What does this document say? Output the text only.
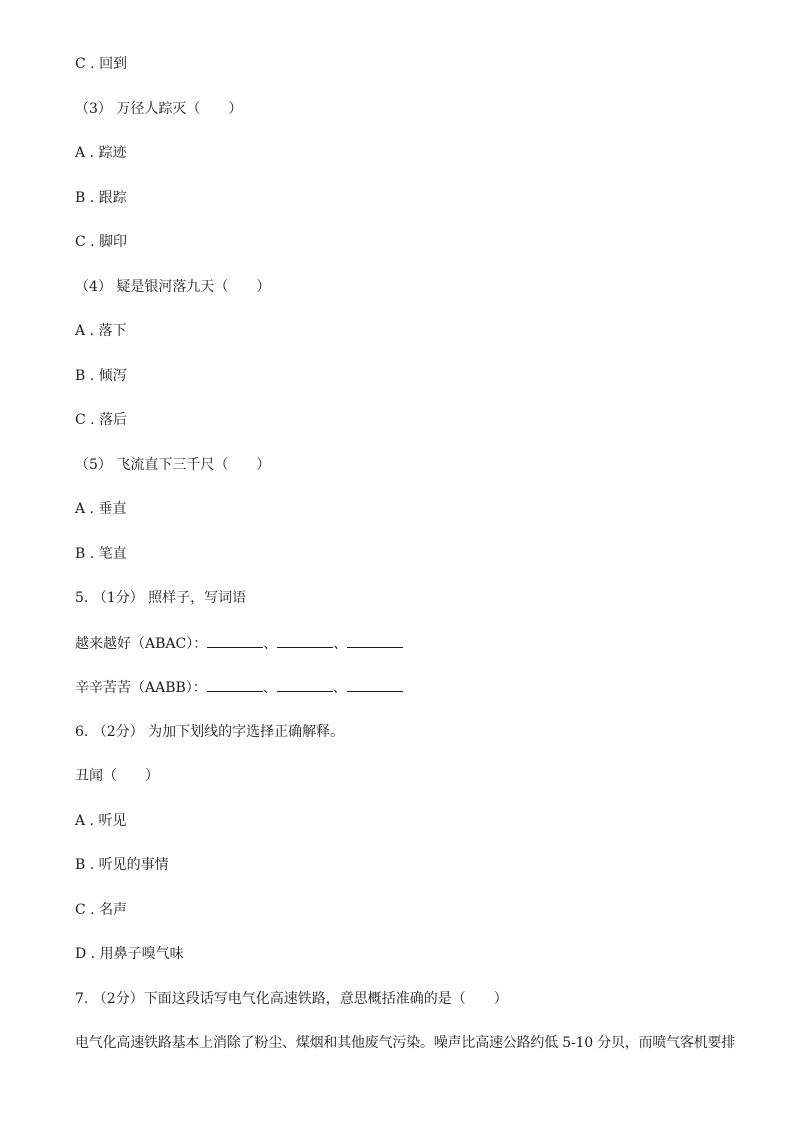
C . 回到
（3） 万径人踪灭（　　）
A . 踪迹
B . 跟踪
C . 脚印
（4） 疑是银河落九天（　　）
A . 落下
B . 倾泻
C . 落后
（5） 飞流直下三千尺（　　）
A . 垂直
B . 笔直
5. （1分） 照样子，写词语
越来越好（ABAC）：	、	、
辛辛苦苦（AABB）：	、	、
6. （2分） 为加下划线的字选择正确解释。
丑闻（　　）
A . 听见
B . 听见的事情
C . 名声
D . 用鼻子嗅气味
7. （2分）下面这段话写电气化高速铁路，意思概括准确的是（　　）
电气化高速铁路基本上消除了粉尘、煤烟和其他废气污染。噪声比高速公路约低 5-10 分贝，而喷气客机要排
